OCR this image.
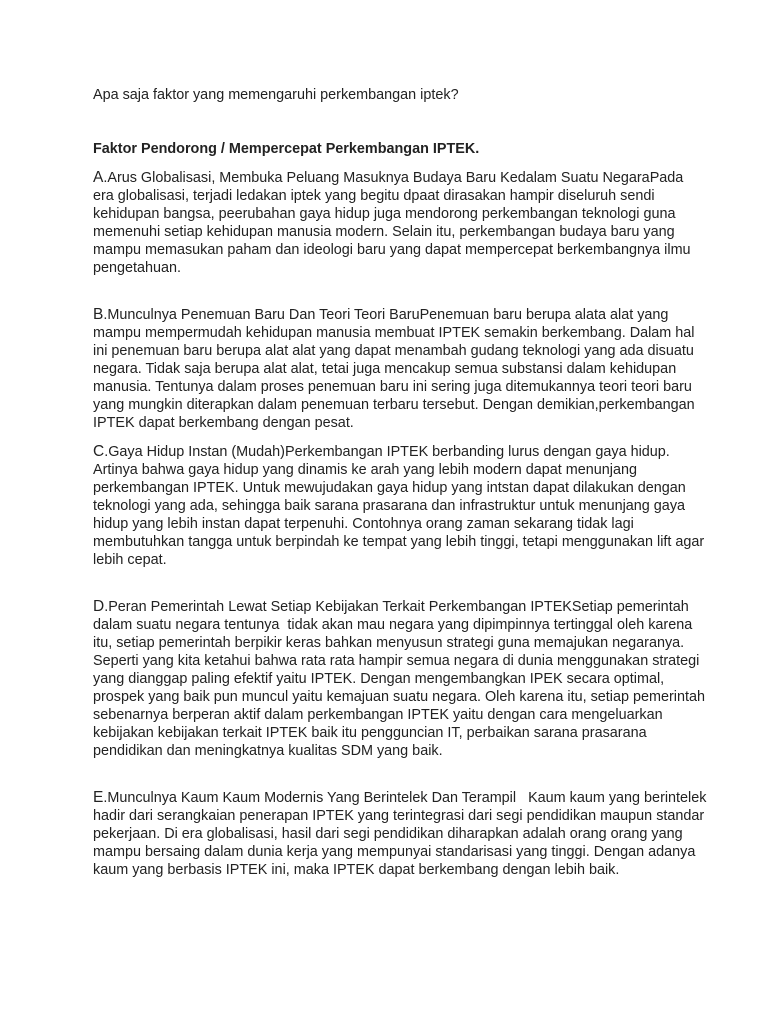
Apa saja faktor yang memengaruhi perkembangan iptek?

Faktor Pendorong / Mempercepat Perkembangan IPTEK.

A.Arus Globalisasi, Membuka Peluang Masuknya Budaya Baru Kedalam Suatu NegaraPada era globalisasi, terjadi ledakan iptek yang begitu dpaat dirasakan hampir diseluruh sendi kehidupan bangsa, peerubahan gaya hidup juga mendorong perkembangan teknologi guna memenuhi setiap kehidupan manusia modern. Selain itu, perkembangan budaya baru yang  mampu memasukan paham dan ideologi baru yang dapat mempercepat berkembangnya ilmu pengetahuan.

B.Munculnya Penemuan Baru Dan Teori Teori BaruPenemuan baru berupa alata alat yang mampu mempermudah kehidupan manusia membuat IPTEK semakin berkembang. Dalam hal ini penemuan baru berupa alat alat yang dapat menambah gudang teknologi yang ada disuatu negara. Tidak saja berupa alat alat, tetai juga mencakup semua substansi dalam kehidupan manusia. Tentunya dalam proses penemuan baru ini sering juga ditemukannya teori teori baru yang mungkin diterapkan dalam penemuan terbaru tersebut. Dengan demikian,perkembangan IPTEK dapat berkembang dengan pesat.

C.Gaya Hidup Instan (Mudah)Perkembangan IPTEK berbanding lurus dengan gaya hidup. Artinya bahwa gaya hidup yang dinamis ke arah yang lebih modern dapat menunjang perkembangan IPTEK. Untuk mewujudakan gaya hidup yang intstan dapat dilakukan dengan teknologi yang ada, sehingga baik sarana prasarana dan infrastruktur untuk menunjang gaya hidup yang lebih instan dapat terpenuhi. Contohnya orang zaman sekarang tidak lagi membutuhkan tangga untuk berpindah ke tempat yang lebih tinggi, tetapi menggunakan lift agar lebih cepat.

D.Peran Pemerintah Lewat Setiap Kebijakan Terkait Perkembangan IPTEKSetiap pemerintah dalam suatu negara tentunya  tidak akan mau negara yang dipimpinnya tertinggal oleh karena itu, setiap pemerintah berpikir keras bahkan menyusun strategi guna memajukan negaranya. Seperti yang kita ketahui bahwa rata rata hampir semua negara di dunia menggunakan strategi yang dianggap paling efektif yaitu IPTEK. Dengan mengembangkan IPEK secara optimal, prospek yang baik pun muncul yaitu kemajuan suatu negara. Oleh karena itu, setiap pemerintah sebenarnya berperan aktif dalam perkembangan IPTEK yaitu dengan cara mengeluarkan kebijakan kebijakan terkait IPTEK baik itu pengguncian IT, perbaikan sarana prasarana pendidikan dan meningkatnya kualitas SDM yang baik.

E.Munculnya Kaum Kaum Modernis Yang Berintelek Dan Terampil   Kaum kaum yang berintelek hadir dari serangkaian penerapan IPTEK yang terintegrasi dari segi pendidikan maupun standar pekerjaan. Di era globalisasi, hasil dari segi pendidikan diharapkan adalah orang orang yang mampu bersaing dalam dunia kerja yang mempunyai standarisasi yang tinggi. Dengan adanya kaum yang berbasis IPTEK ini, maka IPTEK dapat berkembang dengan lebih baik.
